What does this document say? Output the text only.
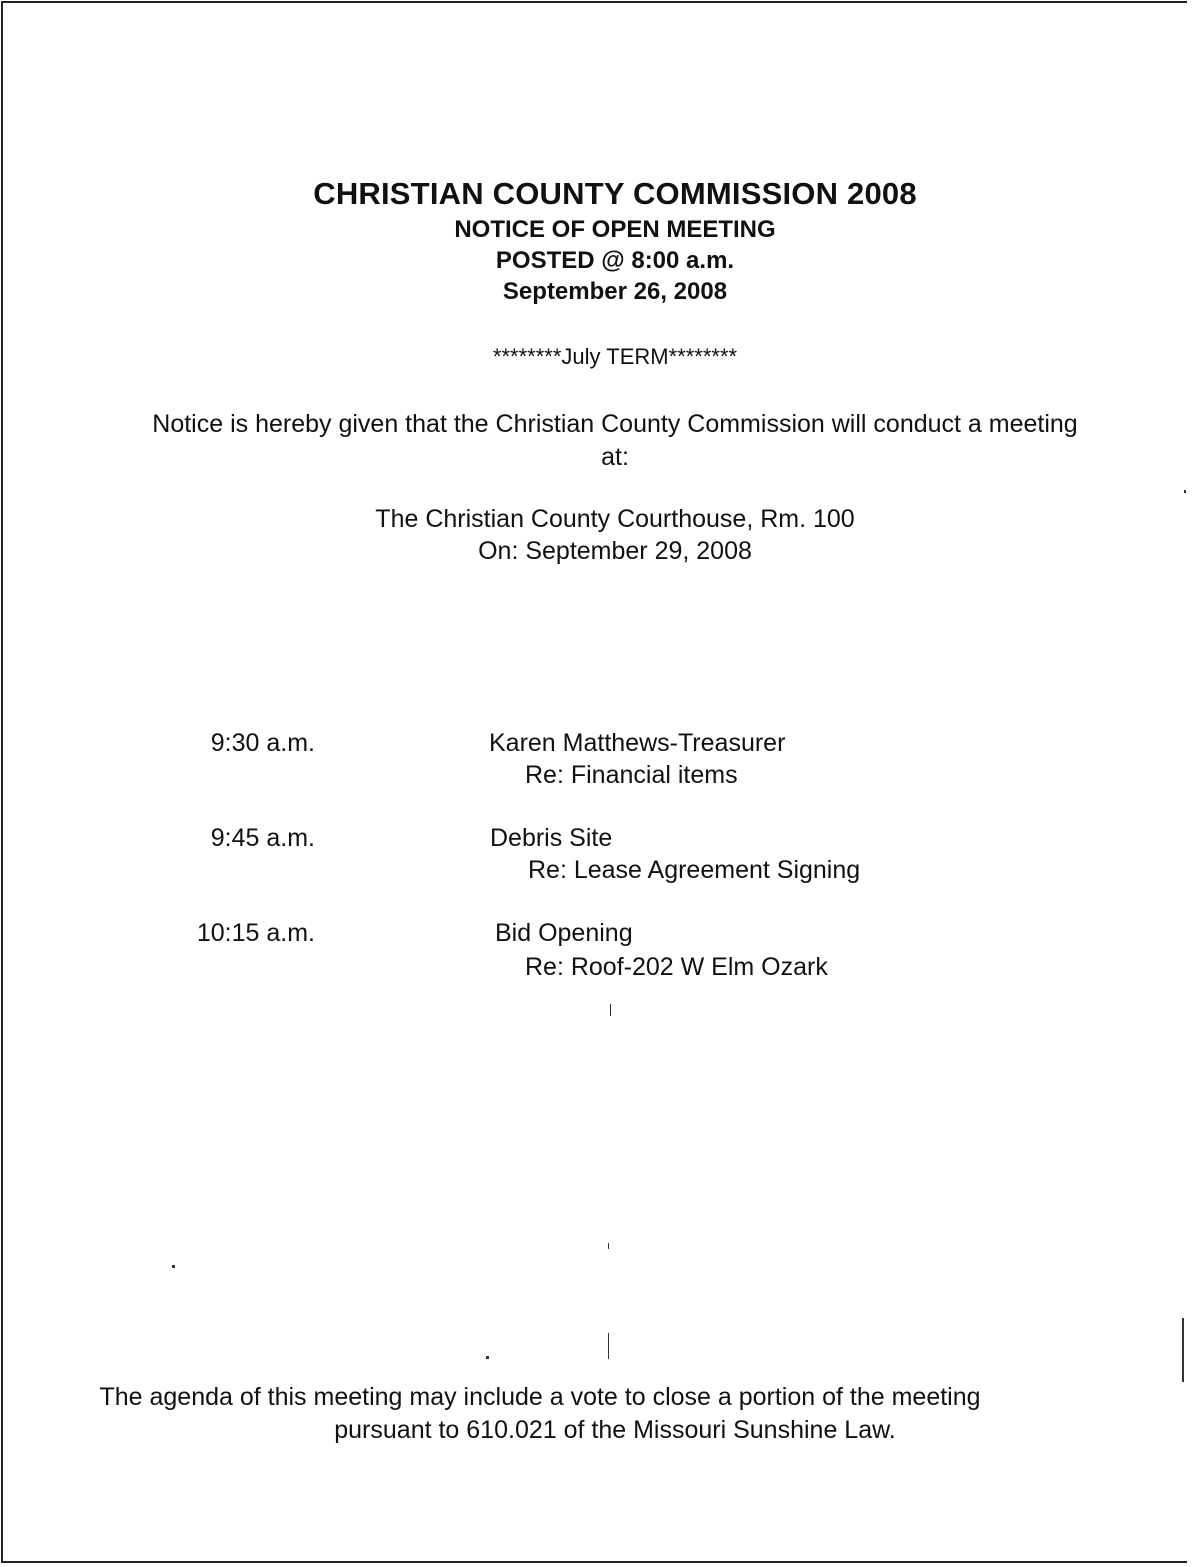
CHRISTIAN COUNTY COMMISSION 2008
NOTICE OF OPEN MEETING
POSTED @ 8:00 a.m.
September 26, 2008
********July TERM********
Notice is hereby given that the Christian County Commission will conduct a meeting at:
The Christian County Courthouse, Rm. 100
On: September 29, 2008
9:30 a.m.	Karen Matthews-Treasurer
Re: Financial items
9:45 a.m.	Debris Site
Re: Lease Agreement Signing
10:15 a.m.	Bid Opening
Re: Roof-202 W Elm Ozark
The agenda of this meeting may include a vote to close a portion of the meeting
pursuant to 610.021 of the Missouri Sunshine Law.
